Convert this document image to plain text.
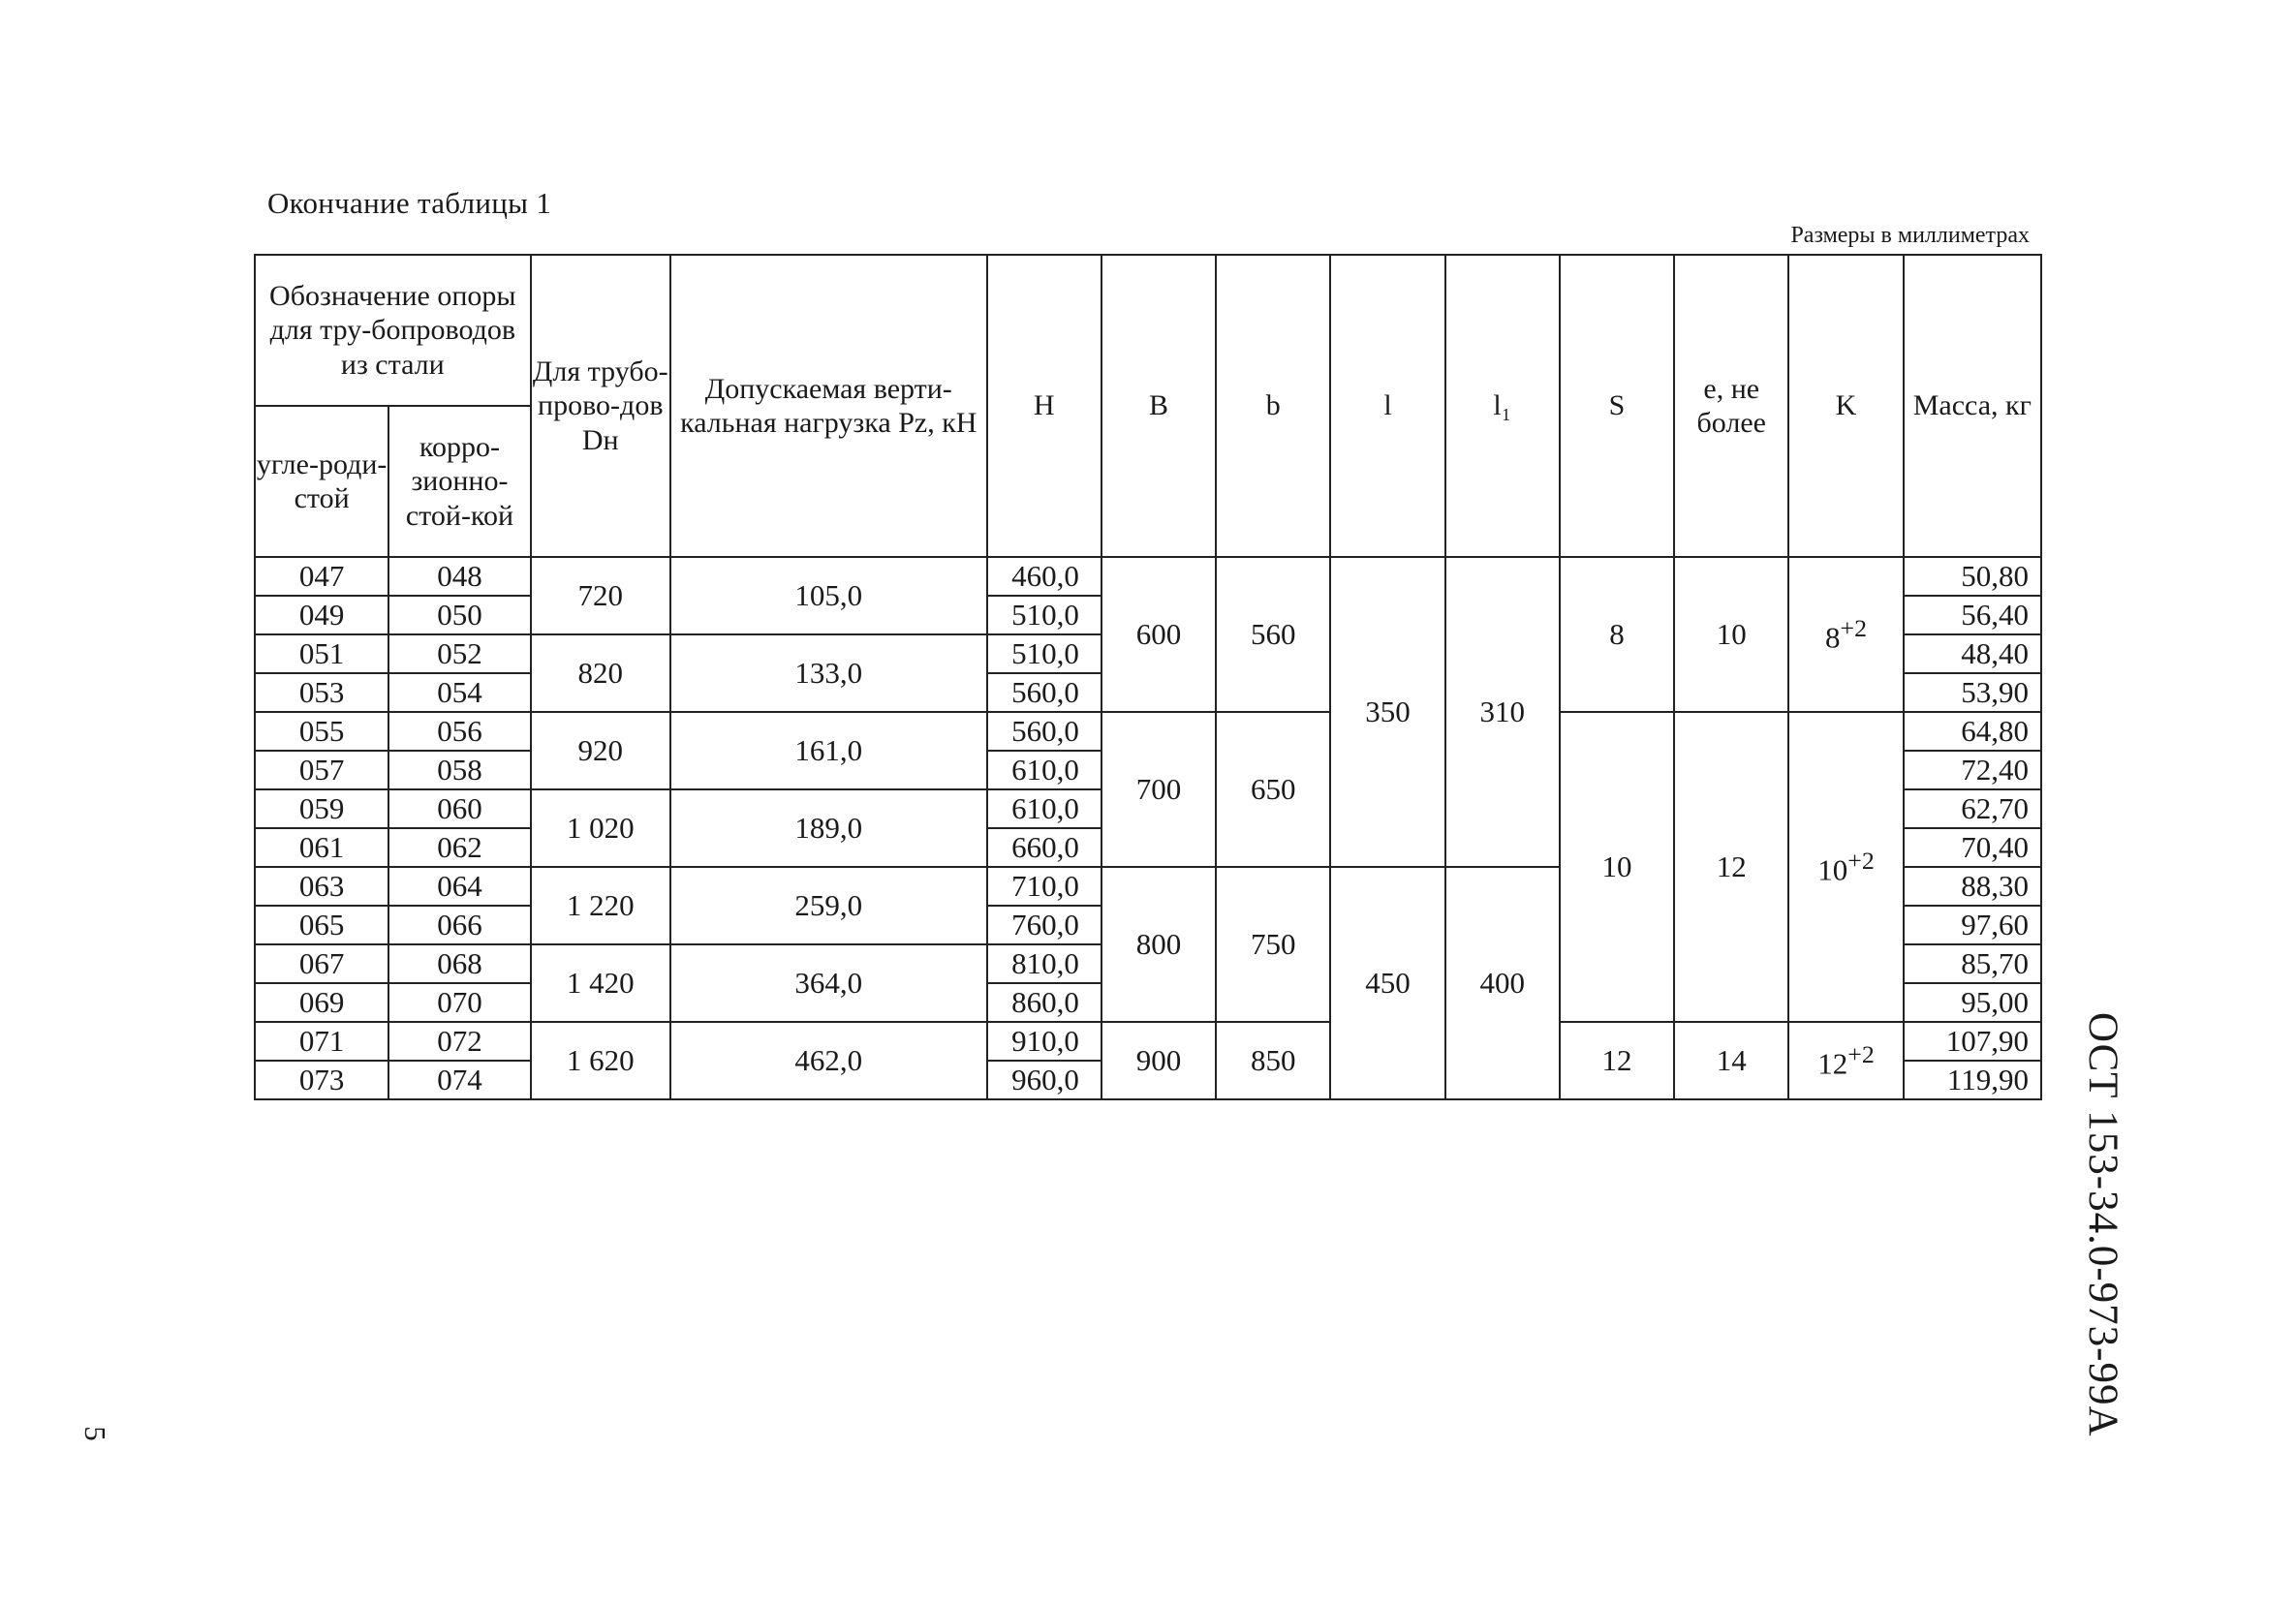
Окончание таблицы 1
Размеры в миллиметрах
Обозначение опоры для тру-бопроводов из стали		Для трубо-прово-дов Dн	Допускаемая верти-кальная нагрузка Pz, кН	H	B	b	l	l₁	S	e, не более	K	Масса, кг
угле-роди-стой	корро-зионно-стой-кой											
047	048	720	105,0	460,0	600	560	350	310	8	10	$8^{+2}$	50,80
049	050			510,0								56,40
051	052	820	133,0	510,0								48,40
053	054			560,0								53,90
055	056	920	161,0	560,0	700	650			10	12	$10^{+2}$	64,80
057	058			610,0								72,40
059	060	1 020	189,0	610,0								62,70
061	062			660,0								70,40
063	064	1 220	259,0	710,0	800	750	450	400				88,30
065	066			760,0								97,60
067	068	1 420	364,0	810,0								85,70
069	070			860,0								95,00
071	072	1 620	462,0	910,0	900	850			12	14	$12^{+2}$	107,90
073	074			960,0								119,90 ОСТ 153-34.0-973-99А
5
